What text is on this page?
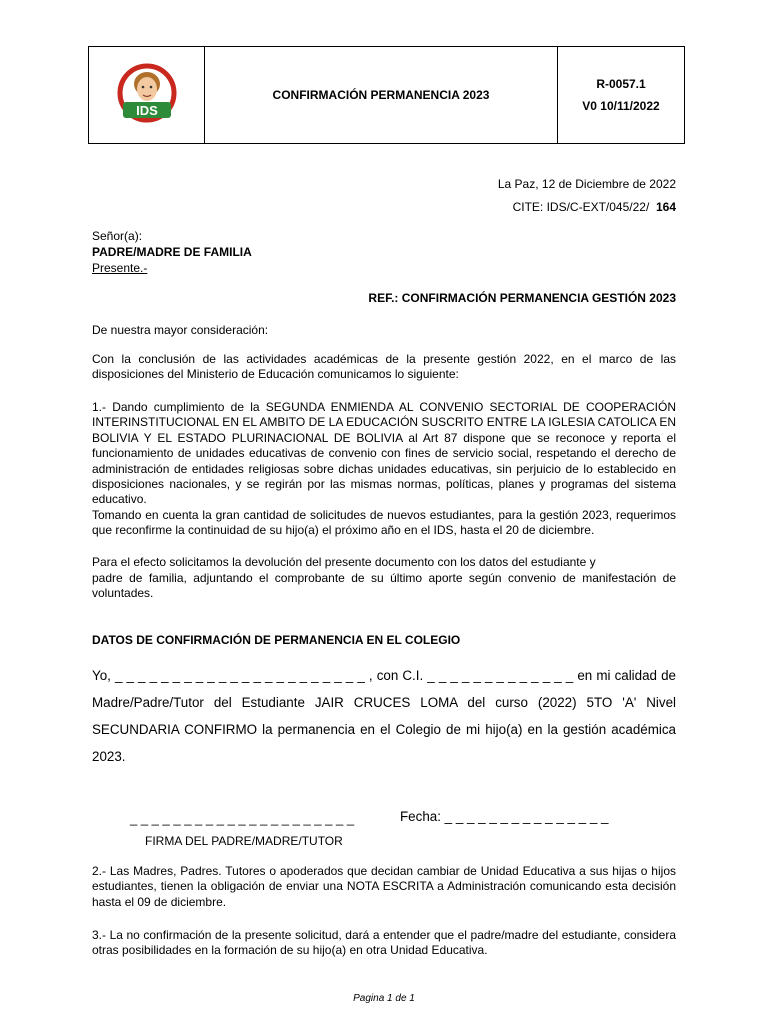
IDS
CONFIRMACIÓN PERMANENCIA 2023
R-0057.1
V0 10/11/2022
La Paz, 12 de Diciembre de 2022
CITE: IDS/C-EXT/045/22/ 164
Señor(a):
PADRE/MADRE DE FAMILIA
Presente.-
REF.: CONFIRMACIÓN PERMANENCIA GESTIÓN 2023
De nuestra mayor consideración:
Con la conclusión de las actividades académicas de la presente gestión 2022, en el marco de las disposiciones del Ministerio de Educación comunicamos lo siguiente:
1.- Dando cumplimiento de la SEGUNDA ENMIENDA AL CONVENIO SECTORIAL DE COOPERACIÓN INTERINSTITUCIONAL EN EL AMBITO DE LA EDUCACIÓN SUSCRITO ENTRE LA IGLESIA CATOLICA EN BOLIVIA Y EL ESTADO PLURINACIONAL DE BOLIVIA al Art 87 dispone que se reconoce y reporta el funcionamiento de unidades educativas de convenio con fines de servicio social, respetando el derecho de administración de entidades religiosas sobre dichas unidades educativas, sin perjuicio de lo establecido en disposiciones nacionales, y se regirán por las mismas normas, políticas, planes y programas del sistema educativo.
Tomando en cuenta la gran cantidad de solicitudes de nuevos estudiantes, para la gestión 2023, requerimos que reconfirme la continuidad de su hijo(a) el próximo año en el IDS, hasta el 20 de diciembre.
Para el efecto solicitamos la devolución del presente documento con los datos del estudiante y
padre de familia, adjuntando el comprobante de su último aporte según convenio de manifestación de voluntades.
DATOS DE CONFIRMACIÓN DE PERMANENCIA EN EL COLEGIO
Yo, _ _ _ _ _ _ _ _ _ _ _ _ _ _ _ _ _ _ _ _ _ _ , con C.I. _ _ _ _ _ _ _ _ _ _ _ _ _ en mi calidad de Madre/Padre/Tutor del Estudiante JAIR CRUCES LOMA del curso (2022) 5TO 'A' Nivel SECUNDARIA CONFIRMO la permanencia en el Colegio de mi hijo(a) en la gestión académica 2023.
_ _ _ _ _ _ _ _ _ _ _ _ _ _ _ _ _ _ _ _ _	Fecha: _ _ _ _ _ _ _ _ _ _ _ _ _ _ _
FIRMA DEL PADRE/MADRE/TUTOR
2.- Las Madres, Padres. Tutores o apoderados que decidan cambiar de Unidad Educativa a sus hijas o hijos estudiantes, tienen la obligación de enviar una NOTA ESCRITA a Administración comunicando esta decisión hasta el 09 de diciembre.
3.- La no confirmación de la presente solicitud, dará a entender que el padre/madre del estudiante, considera otras posibilidades en la formación de su hijo(a) en otra Unidad Educativa.
Pagina 1 de 1
